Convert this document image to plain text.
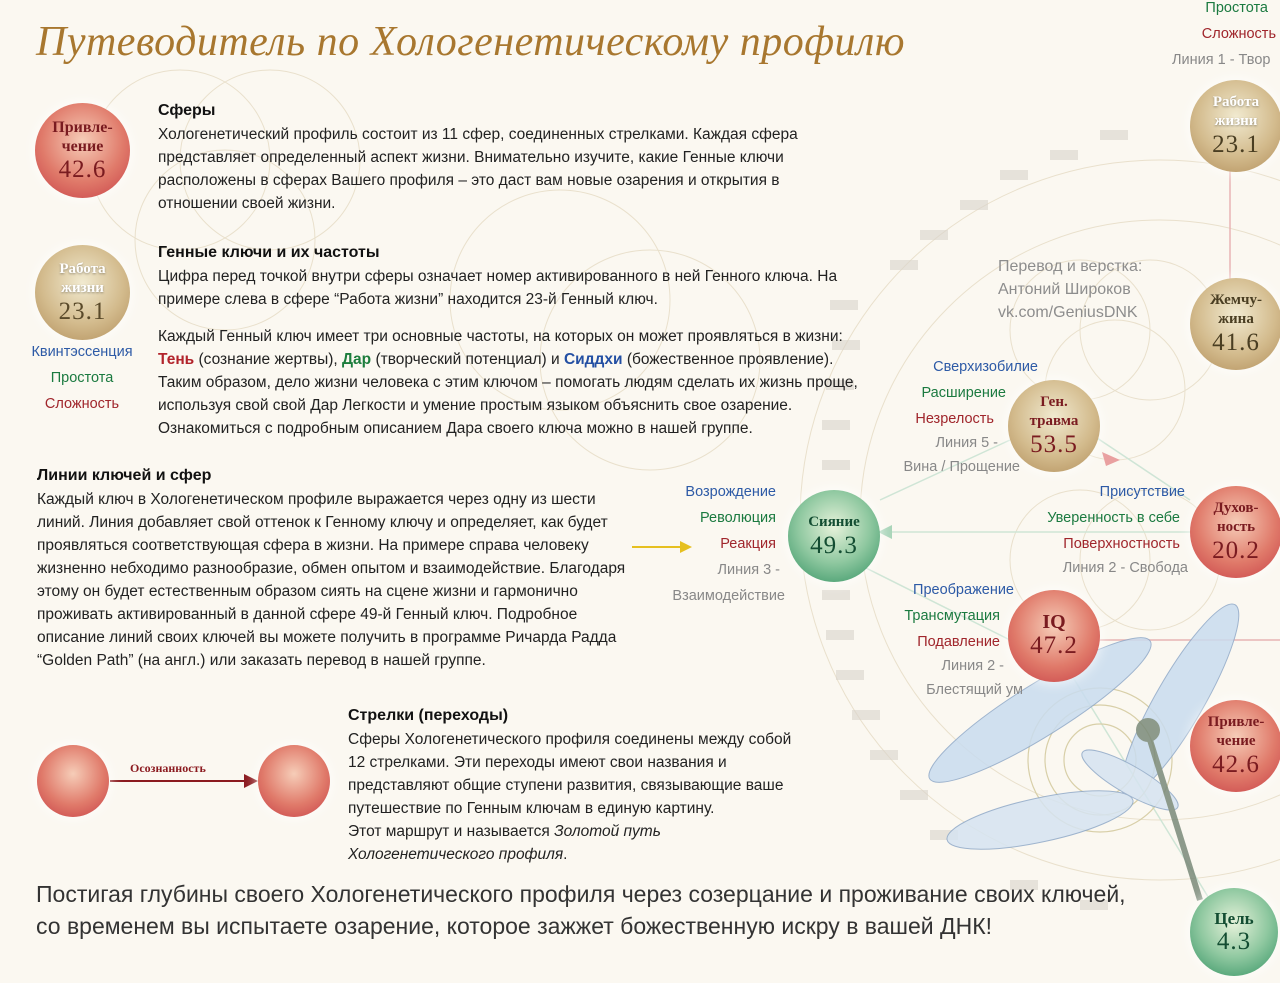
Путеводитель по Хологенетическому профилю
Простота
Сложность
Линия 1 - Твор
Привле-
чение
42.6
Сферы
Хологенетический профиль состоит из 11 сфер, соединенных стрелками. Каждая сфера представляет определенный аспект жизни. Внимательно изучите, какие Генные ключи расположены в сферах Вашего профиля – это даст вам новые озарения и открытия в отношении своей жизни.
Работа
жизни
23.1
Квинтэссенция
Простота
Сложность
Генные ключи и их частоты
Цифра перед точкой внутри сферы означает номер активированного в ней Генного ключа. На примере слева в сфере “Работа жизни” находится 23-й Генный ключ.
Каждый Генный ключ имеет три основные частоты, на которых он может проявляться в жизни:
Тень (сознание жертвы), Дар (творческий потенциал) и Сиддхи (божественное проявление).
Таким образом, дело жизни человека с этим ключом – помогать людям сделать их жизнь проще, используя свой свой Дар Легкости и умение простым языком объяснить свое озарение. Ознакомиться с подробным описанием Дара своего ключа можно в нашей группе.
Линии ключей и сфер
Каждый ключ в Хологенетическом профиле выражается через одну из шести линий. Линия добавляет свой оттенок к Генному ключу и определяет, как будет проявляться соответствующая сфера в жизни. На примере справа человеку жизненно небходимо разнообразие, обмен опытом и взаимодействие. Благодаря этому он будет естественным образом сиять на сцене жизни и гармонично проживать активированный в данной сфере 49-й Генный ключ. Подробное описание линий своих ключей вы можете получить в программе Ричарда Радда “Golden Path” (на англ.) или заказать перевод в нашей группе.
Осознанность
Стрелки (переходы)
Сферы Хологенетического профиля соединены между собой 12 стрелками. Эти переходы имеют свои названия и представляют общие ступени развития, связывающие ваше путешествие по Генным ключам в единую картину.
Этот маршрут и называется Золотой путь Хологенетического профиля.
Перевод и верстка:
Антоний Широков
vk.com/GeniusDNK
Работа
жизни
23.1
Жемчу-
жина
41.6
Ген.
травма
53.5
Сверхизобилие
Расширение
Незрелость
Линия 5 -
Вина / Прощение
Сияние
49.3
Возрождение
Революция
Реакция
Линия 3 -
Взаимодействие
Духов-
ность
20.2
Присутствие
Уверенность в себе
Поверхностность
Линия 2 - Свобода
IQ
47.2
Преображение
Трансмутация
Подавление
Линия 2 -
Блестящий ум
Привле-
чение
42.6
Цель
4.3
Постигая глубины своего Хологенетического профиля через созерцание и проживание своих ключей, со временем вы испытаете озарение, которое зажжет божественную искру в вашей ДНК!
